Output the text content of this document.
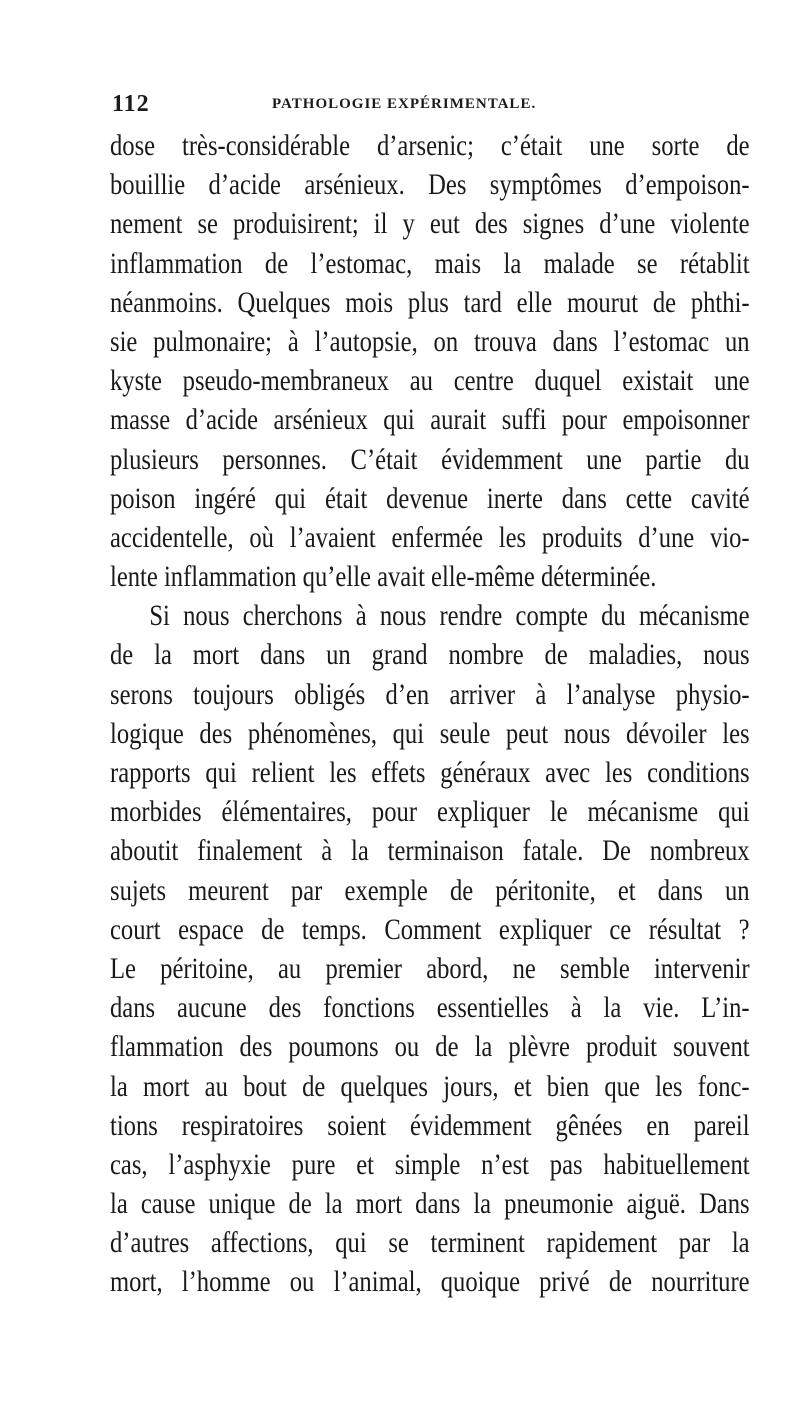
112	PATHOLOGIE EXPÉRIMENTALE.
dose très-considérable d’arsenic; c’était une sorte de
bouillie d’acide arsénieux. Des symptômes d’empoison-
nement se produisirent; il y eut des signes d’une violente
inflammation de l’estomac, mais la malade se rétablit
néanmoins. Quelques mois plus tard elle mourut de phthi-
sie pulmonaire; à l’autopsie, on trouva dans l’estomac un
kyste pseudo-membraneux au centre duquel existait une
masse d’acide arsénieux qui aurait suffi pour empoisonner
plusieurs personnes. C’était évidemment une partie du
poison ingéré qui était devenue inerte dans cette cavité
accidentelle, où l’avaient enfermée les produits d’une vio-
lente inflammation qu’elle avait elle-même déterminée.
Si nous cherchons à nous rendre compte du mécanisme
de la mort dans un grand nombre de maladies, nous
serons toujours obligés d’en arriver à l’analyse physio-
logique des phénomènes, qui seule peut nous dévoiler les
rapports qui relient les effets généraux avec les conditions
morbides élémentaires, pour expliquer le mécanisme qui
aboutit finalement à la terminaison fatale. De nombreux
sujets meurent par exemple de péritonite, et dans un
court espace de temps. Comment expliquer ce résultat ?
Le péritoine, au premier abord, ne semble intervenir
dans aucune des fonctions essentielles à la vie. L’in-
flammation des poumons ou de la plèvre produit souvent
la mort au bout de quelques jours, et bien que les fonc-
tions respiratoires soient évidemment gênées en pareil
cas, l’asphyxie pure et simple n’est pas habituellement
la cause unique de la mort dans la pneumonie aiguë. Dans
d’autres affections, qui se terminent rapidement par la
mort, l’homme ou l’animal, quoique privé de nourriture
